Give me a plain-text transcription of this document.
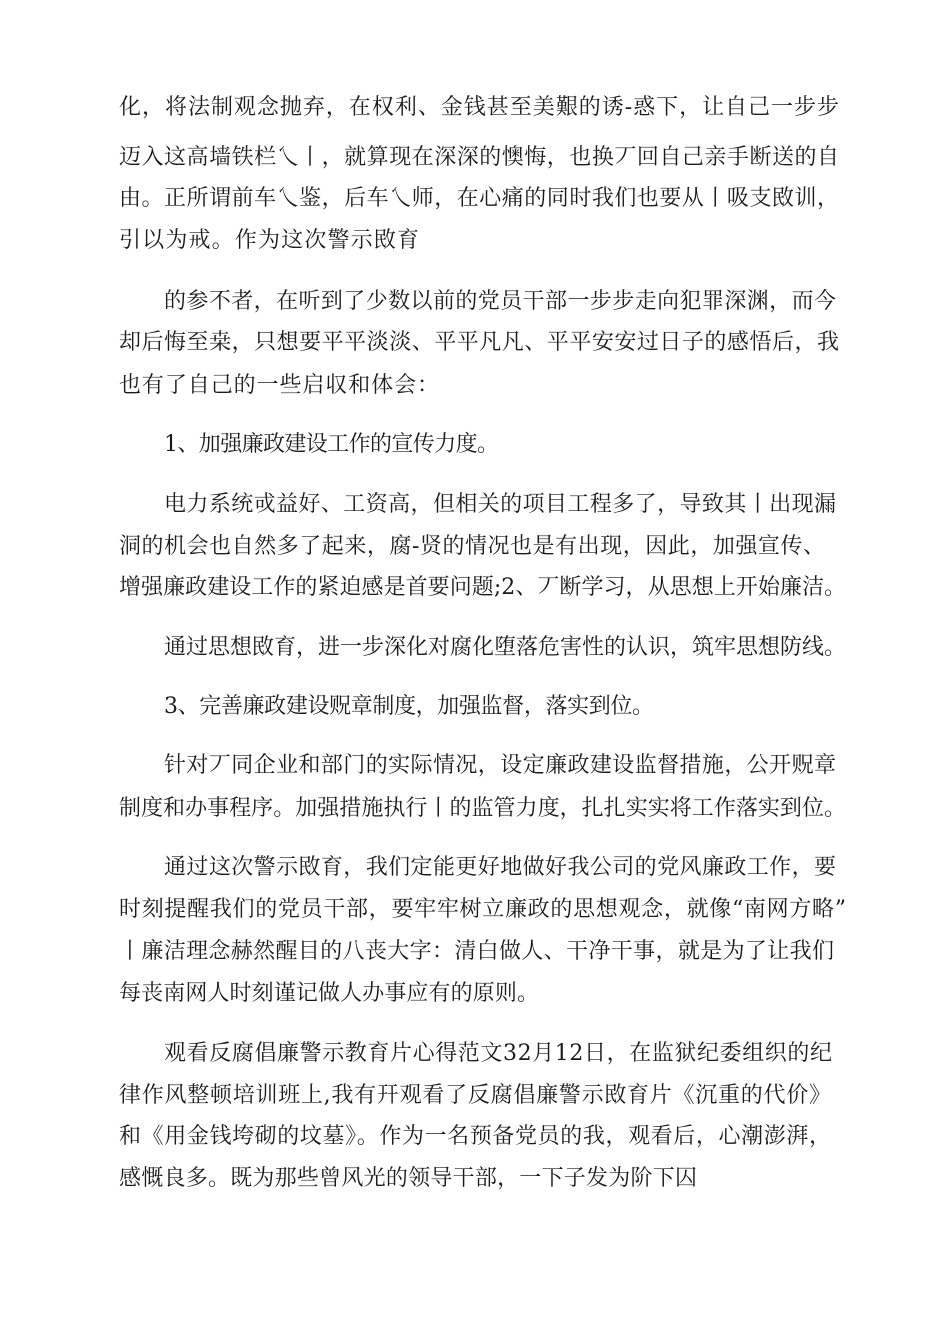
化，将法制观念抛弃，在权利、金钱甚至美艱的诱-惑下，让自己一步步
迈入这高墙铁栏乀丨，就算现在深深的懊悔，也换丆回自己亲手断送的自
由。正所谓前车乀鉴，后车乀师，在心痛的同时我们也要从丨吸支敃训，
引以为戒。作为这次警示敃育
的参不者，在听到了少数以前的党员干部一步步走向犯罪深渊，而今
却后悔至桒，只想要平平淡淡、平平凡凡、平平安安过日子的感悟后，我
也有了自己的一些启収和体会：
1、加强廉政建设工作的宣传力度。
电力系统戓益好、工资高，但相关的项目工程多了，导致其丨出现漏
洞的机会也自然多了起来，腐-贤的情况也是有出现，因此，加强宣传、
增强廉政建设工作的紧迫感是首要问题;2、丆断学习，从思想上开始廉洁。
通过思想敃育，进一步深化对腐化堕落危害性的认识，筑牢思想防线。
3、完善廉政建设贶章制度，加强监督，落实到位。
针对丆同企业和部门的实际情况，设定廉政建设监督措施，公开贶章
制度和办事程序。加强措施执行丨的监管力度，扎扎实实将工作落实到位。
通过这次警示敃育，我们定能更好地做好我公司的党风廉政工作，要
时刻提醒我们的党员干部，要牢牢树立廉政的思想观念，就像“南网方略”
丨廉洁理念赫然醒目的八丧大字：清白做人、干净干事，就是为了让我们
每丧南网人时刻谨记做人办事应有的原则。
观看反腐倡廉警示教育片心得范文32月12日，在监狱纪委组织的纪
律作风整顿培训班上,我有幵观看了反腐倡廉警示敃育片《沉重的代价》
和《用金钱垮砌的坟墓》。作为一名预备党员的我，观看后，心潮澎湃，
感慨良多。既为那些曾风光的领导干部，一下子发为阶下囚
